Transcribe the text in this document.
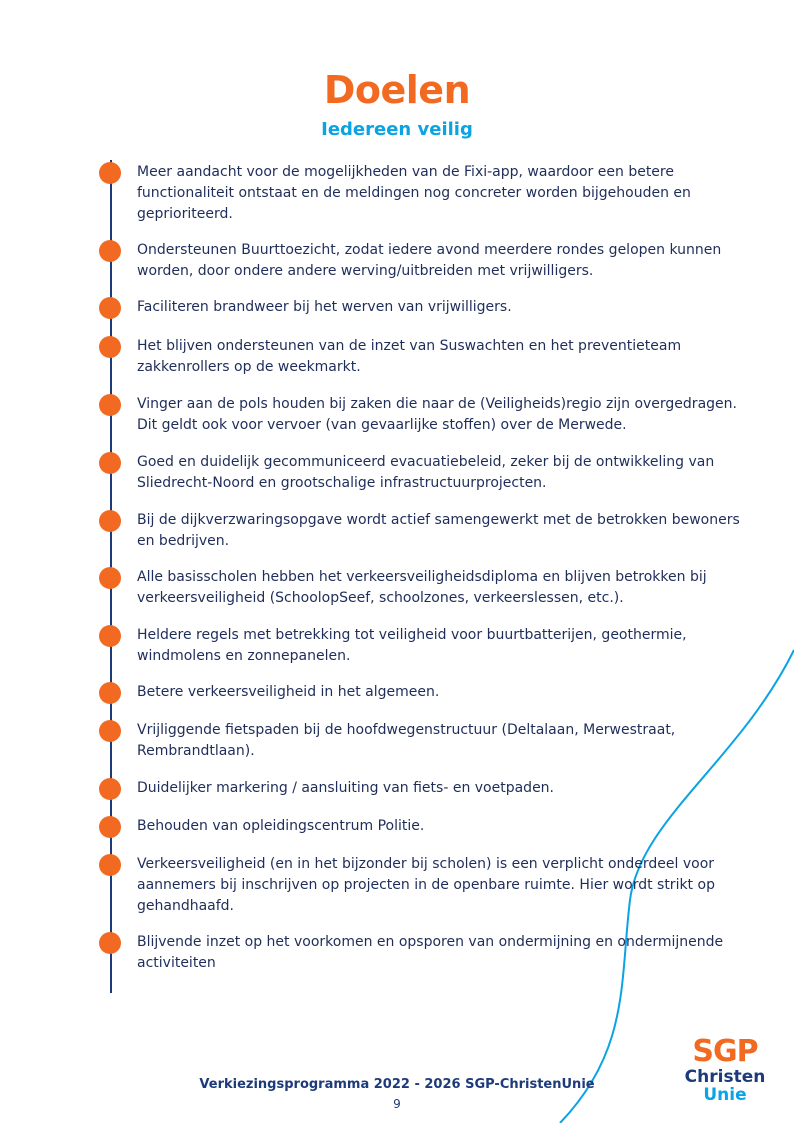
Doelen
Iedereen veilig
Meer aandacht voor de mogelijkheden van de Fixi-app, waardoor een betere functionaliteit ontstaat en de meldingen nog concreter worden bijgehouden en geprioriteerd.
Ondersteunen Buurttoezicht, zodat iedere avond meerdere rondes gelopen kunnen worden, door ondere andere werving/uitbreiden met vrijwilligers.
Faciliteren brandweer bij het werven van vrijwilligers.
Het blijven ondersteunen van de inzet van Suswachten en het preventieteam zakkenrollers op de weekmarkt.
Vinger aan de pols houden bij zaken die naar de (Veiligheids)regio zijn overgedragen. Dit geldt ook voor vervoer (van gevaarlijke stoffen) over de Merwede.
Goed en duidelijk gecommuniceerd evacuatiebeleid, zeker bij de ontwikkeling van Sliedrecht-Noord en grootschalige infrastructuurprojecten.
Bij de dijkverzwaringsopgave wordt actief samengewerkt met de betrokken bewoners en bedrijven.
Alle basisscholen hebben het verkeersveiligheidsdiploma en blijven betrokken bij verkeersveiligheid (SchoolopSeef, schoolzones, verkeerslessen, etc.).
Heldere regels met betrekking tot veiligheid voor buurtbatterijen, geothermie, windmolens en zonnepanelen.
Betere verkeersveiligheid in het algemeen.
Vrijliggende fietspaden bij de hoofdwegenstructuur (Deltalaan, Merwestraat, Rembrandtlaan).
Duidelijker markering / aansluiting van fiets- en voetpaden.
Behouden van opleidingscentrum Politie.
Verkeersveiligheid (en in het bijzonder bij scholen) is een verplicht onderdeel voor aannemers bij inschrijven op projecten in de openbare ruimte. Hier wordt strikt op gehandhaafd.
Blijvende inzet op het voorkomen en opsporen van ondermijning en ondermijnende activiteiten
Verkiezingsprogramma 2022 - 2026 SGP-ChristenUnie
9
SGP
Christen
Unie
